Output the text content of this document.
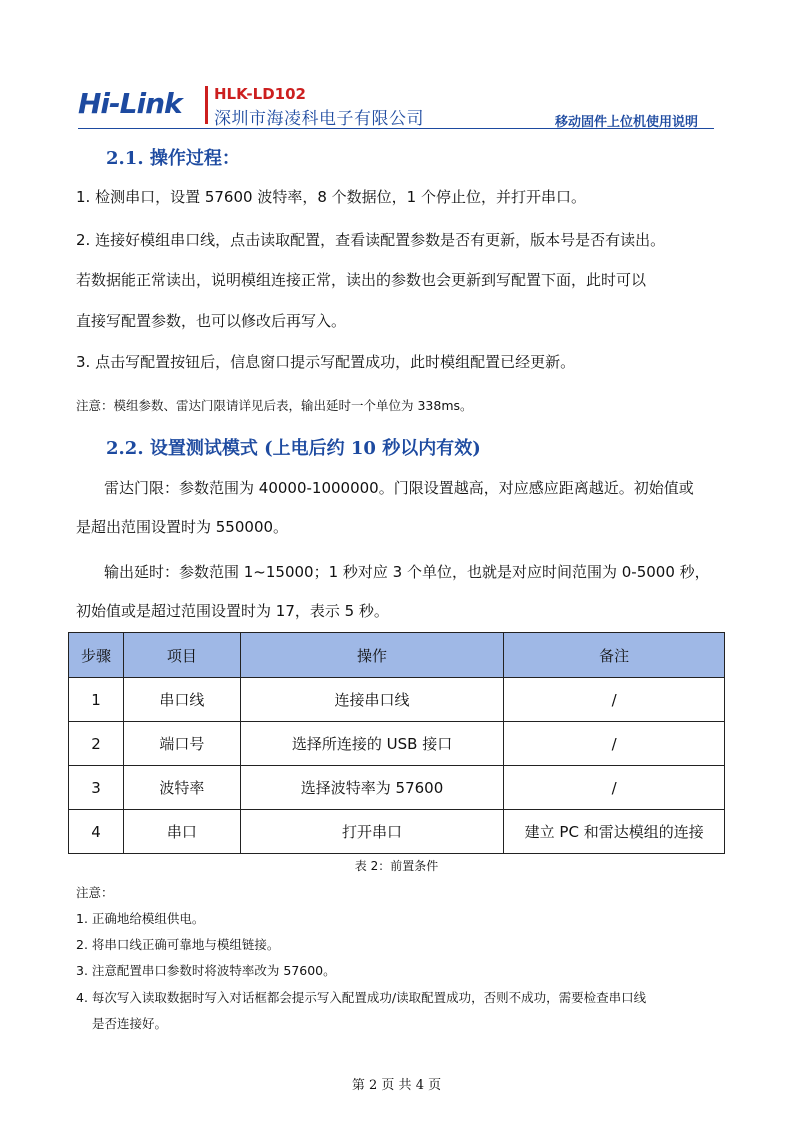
Hi-Link	HLK-LD102
深圳市海凌科电子有限公司	移动固件上位机使用说明
2.1. 操作过程：
1. 检测串口，设置 57600 波特率，8 个数据位，1 个停止位，并打开串口。
2. 连接好模组串口线，点击读取配置，查看读配置参数是否有更新，版本号是否有读出。
若数据能正常读出，说明模组连接正常，读出的参数也会更新到写配置下面，此时可以
直接写配置参数，也可以修改后再写入。
3. 点击写配置按钮后，信息窗口提示写配置成功，此时模组配置已经更新。
注意：模组参数、雷达门限请详见后表，输出延时一个单位为 338ms。
2.2. 设置测试模式 (上电后约 10 秒以内有效)
雷达门限：参数范围为 40000-1000000。门限设置越高，对应感应距离越近。初始值或
是超出范围设置时为 550000。
输出延时：参数范围 1~15000；1 秒对应 3 个单位，也就是对应时间范围为 0-5000 秒，
初始值或是超过范围设置时为 17，表示 5 秒。
步骤	项目	操作	备注
1	串口线	连接串口线	/
2	端口号	选择所连接的 USB 接口	/
3	波特率	选择波特率为 57600	/
4	串口	打开串口	建立 PC 和雷达模组的连接
表 2：前置条件
注意：
1. 正确地给模组供电。
2. 将串口线正确可靠地与模组链接。
3. 注意配置串口参数时将波特率改为 57600。
4. 每次写入读取数据时写入对话框都会提示写入配置成功/读取配置成功，否则不成功，需要检查串口线
是否连接好。
第 2 页 共 4 页
